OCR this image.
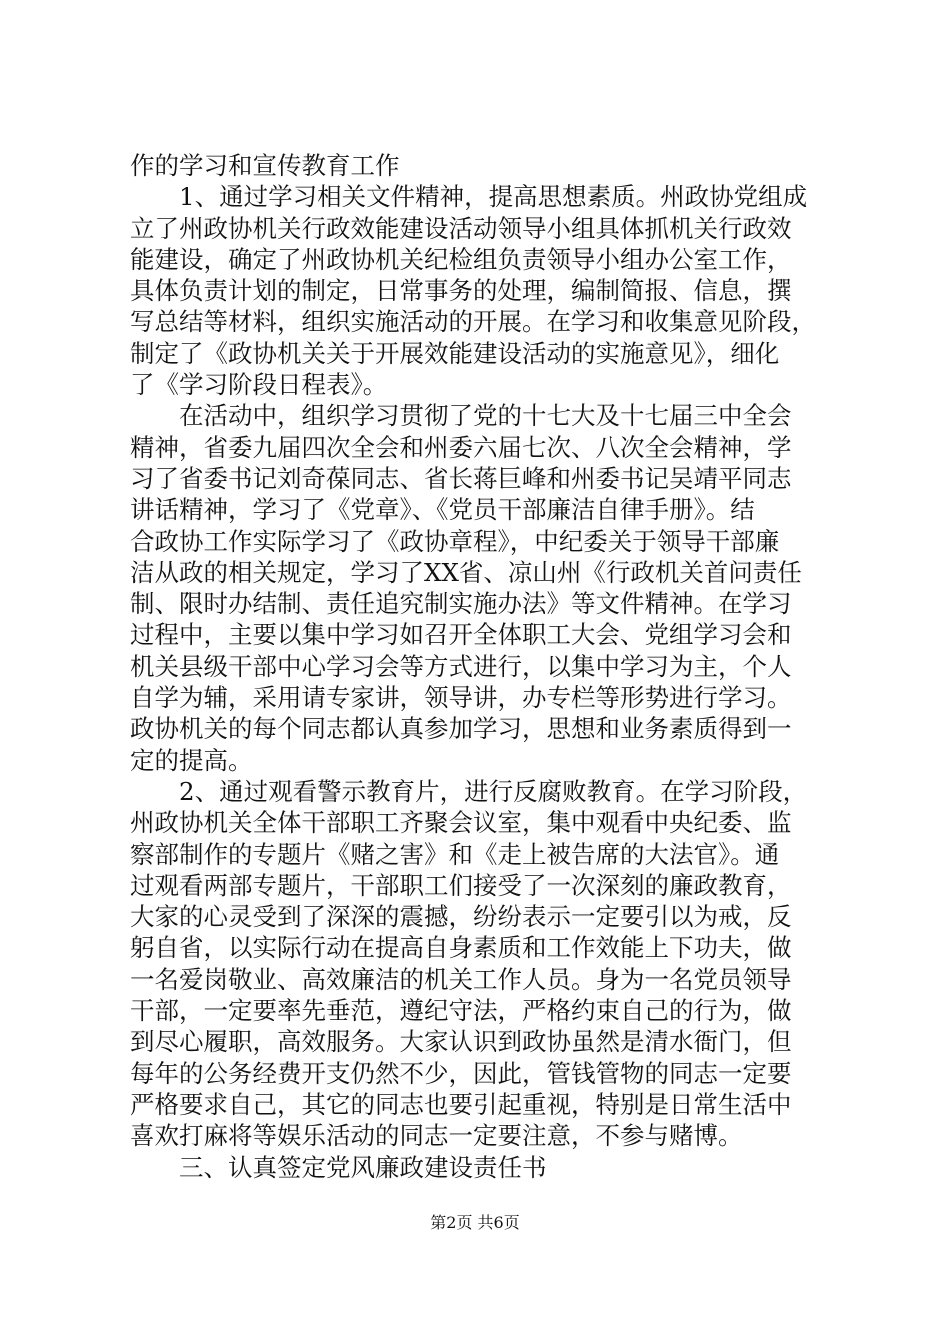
作的学习和宣传教育工作
1、通过学习相关文件精神，提高思想素质。州政协党组成
立了州政协机关行政效能建设活动领导小组具体抓机关行政效
能建设，确定了州政协机关纪检组负责领导小组办公室工作，
具体负责计划的制定，日常事务的处理，编制简报、信息，撰
写总结等材料，组织实施活动的开展。在学习和收集意见阶段，
制定了《政协机关关于开展效能建设活动的实施意见》，细化
了《学习阶段日程表》。
在活动中，组织学习贯彻了党的十七大及十七届三中全会
精神，省委九届四次全会和州委六届七次、八次全会精神，学
习了省委书记刘奇葆同志、省长蒋巨峰和州委书记吴靖平同志
讲话精神，学习了《党章》、《党员干部廉洁自律手册》。结
合政协工作实际学习了《政协章程》，中纪委关于领导干部廉
洁从政的相关规定，学习了XX省、凉山州《行政机关首问责任
制、限时办结制、责任追究制实施办法》等文件精神。在学习
过程中，主要以集中学习如召开全体职工大会、党组学习会和
机关县级干部中心学习会等方式进行，以集中学习为主，个人
自学为辅，采用请专家讲，领导讲，办专栏等形势进行学习。
政协机关的每个同志都认真参加学习，思想和业务素质得到一
定的提高。
2、通过观看警示教育片，进行反腐败教育。在学习阶段，
州政协机关全体干部职工齐聚会议室，集中观看中央纪委、监
察部制作的专题片《赌之害》和《走上被告席的大法官》。通
过观看两部专题片，干部职工们接受了一次深刻的廉政教育，
大家的心灵受到了深深的震撼，纷纷表示一定要引以为戒，反
躬自省，以实际行动在提高自身素质和工作效能上下功夫，做
一名爱岗敬业、高效廉洁的机关工作人员。身为一名党员领导
干部，一定要率先垂范，遵纪守法，严格约束自己的行为，做
到尽心履职，高效服务。大家认识到政协虽然是清水衙门，但
每年的公务经费开支仍然不少，因此，管钱管物的同志一定要
严格要求自己，其它的同志也要引起重视，特别是日常生活中
喜欢打麻将等娱乐活动的同志一定要注意，不参与赌博。
三、认真签定党风廉政建设责任书
第2页 共6页
